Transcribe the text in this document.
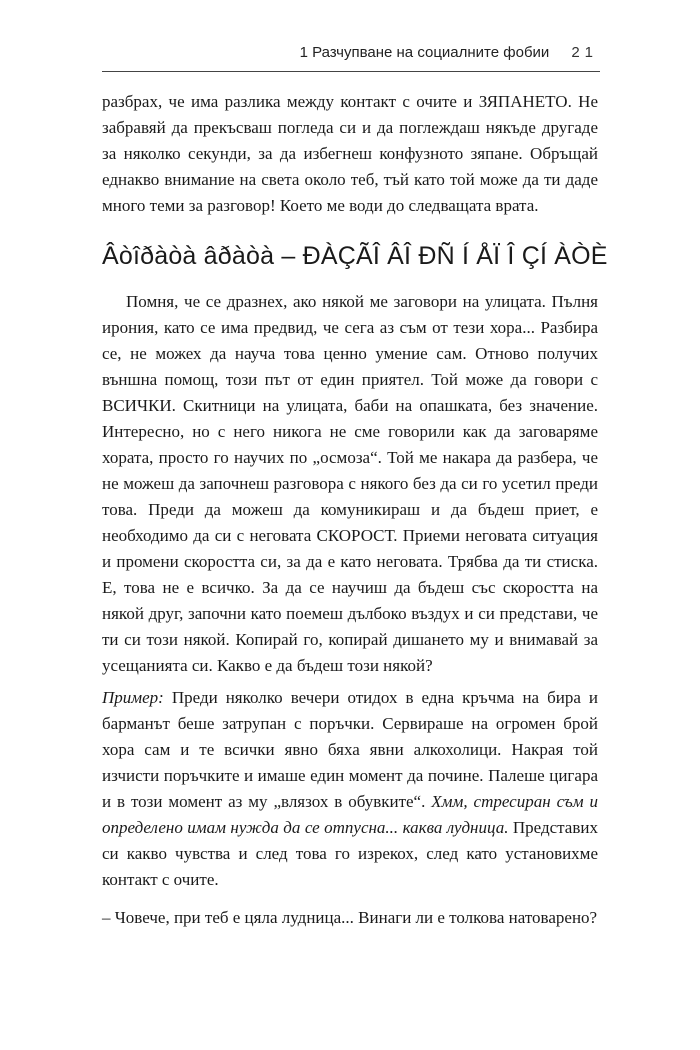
1 Разчупване на социалните фобии 21

разбрах, че има разлика между контакт с очите и ЗЯПАНЕТО. Не забравяй да прекъсваш погледа си и да поглеждаш някъде другаде за няколко секунди, за да избегнеш конфузното зяпане. Обръщай еднакво внимание на света около теб, тъй като той може да ти даде много теми за разговор! Което ме води до следващата врата.

Âòîðàòà âðàòà – ÐÀÇÃÎ ÂÎ ÐÑ Í ÅÏ Î ÇÍ ÀÒÈ

Помня, че се дразнех, ако някой ме заговори на улицата. Пълня ирония, като се има предвид, че сега аз съм от тези хора... Разбира се, не можех да науча това ценно умение сам. Отново получих външна помощ, този път от един приятел. Той може да говори с ВСИЧКИ. Скитници на улицата, баби на опашката, без значение. Интересно, но с него никога не сме говорили как да заговаряме хората, просто го научих по „осмоза“. Той ме накара да разбера, че не можеш да започнеш разговора с някого без да си го усетил преди това. Преди да можеш да комуникираш и да бъдеш приет, е необходимо да си с неговата СКОРОСТ. Приеми неговата ситуация и промени скоростта си, за да е като неговата. Трябва да ти стиска. Е, това не е всичко. За да се научиш да бъдеш със скоростта на някой друг, започни като поемеш дълбоко въздух и си представи, че ти си този някой. Копирай го, копирай дишането му и внимавай за усещанията си. Какво е да бъдеш този някой?

Пример: Преди няколко вечери отидох в една кръчма на бира и барманът беше затрупан с поръчки. Сервираше на огромен брой хора сам и те всички явно бяха явни алкохолици. Накрая той изчисти поръчките и имаше един момент да почине. Палеше цигара и в този момент аз му „влязох в обувките“. Хмм, стресиран съм и определено имам нужда да се отпусна... каква лудница. Представих си какво чувства и след това го изрекох, след като установихме контакт с очите.

– Човече, при теб е цяла лудница... Винаги ли е толкова натоварено?
